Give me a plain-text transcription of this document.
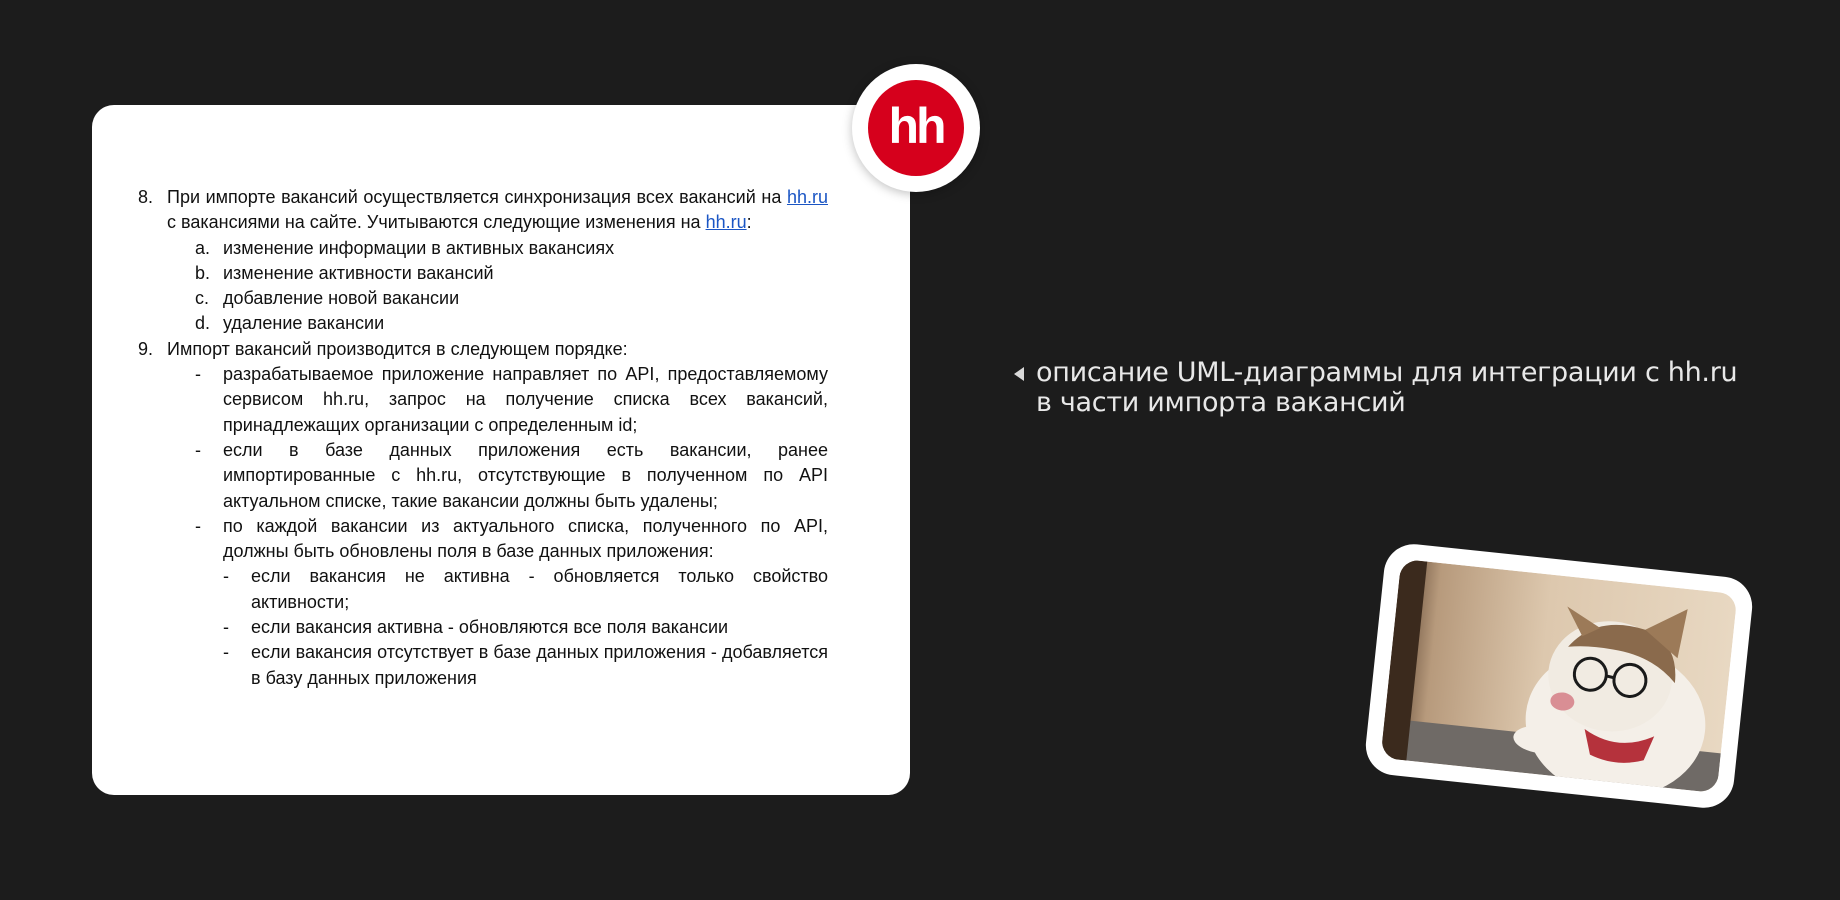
8. При импорте вакансий осуществляется синхронизация всех вакансий на hh.ru с вакансиями на сайте. Учитываются следующие изменения на hh.ru:
a. изменение информации в активных вакансиях
b. изменение активности вакансий
c. добавление новой вакансии
d. удаление вакансии
9. Импорт вакансий производится в следующем порядке:
-	разрабатываемое приложение направляет по API, предоставляемому сервисом hh.ru, запрос на получение списка всех вакансий, принадлежащих организации с определенным id;
-	если в базе данных приложения есть вакансии, ранее импортированные с hh.ru, отсутствующие в полученном по API актуальном списке, такие вакансии должны быть удалены;
-	по каждой вакансии из актуального списка, полученного по API, должны быть обновлены поля в базе данных приложения:
-	если вакансия не активна - обновляется только свойство активности;
-	если вакансия активна - обновляются все поля вакансии
-	если вакансия отсутствует в базе данных приложения - добавляется в базу данных приложения
hh
описание UML-диаграммы для интеграции с hh.ru в части импорта вакансий
